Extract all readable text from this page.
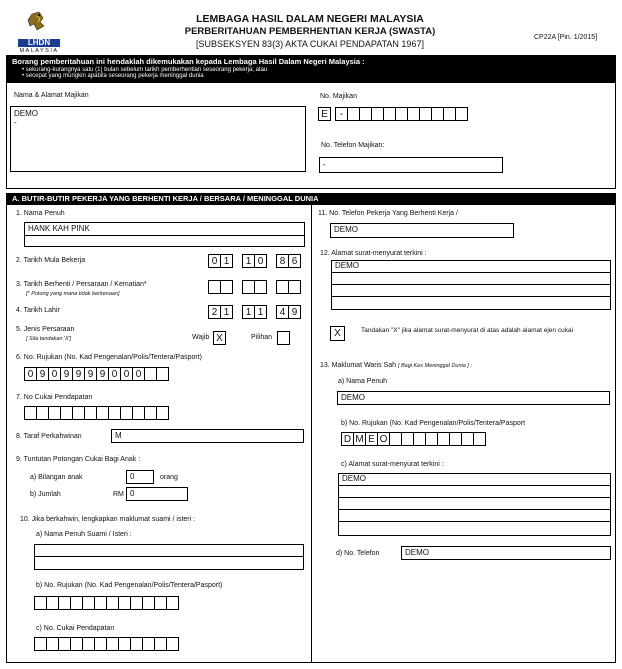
LHDN
MALAYSIA
LEMBAGA HASIL DALAM NEGERI MALAYSIA
PERBERITAHUAN PEMBERHENTIAN KERJA (SWASTA)
[SUBSEKSYEN 83(3) AKTA CUKAI PENDAPATAN 1967]
CP22A [Pin. 1/2015]
Borang pemberitahuan ini hendaklah dikemukakan kepada Lembaga Hasil Dalam Negeri Malaysia :
• sekurang-kurangnya satu (1) bulan sebelum tarikh pemberhentian seseorang pekerja; atau
• secepat yang mungkin apabila seseorang pekerja meninggal dunia
Nama & Alamat Majikan
DEMO
-
No. Majikan
E	-
No. Telefon Majikan:
-
A. BUTIR-BUTIR PEKERJA YANG BERHENTI KERJA / BERSARA / MENINGGAL DUNIA
1. Nama Penuh
HANK KAH PINK
2. Tarikh Mula Bekerja	0 1	1 0	8 6
3. Tarikh Berhenti / Persaraan / Kematian*
[* Potong yang mana tidak berkenaan]
4. Tarikh Lahir	2 1	1 1	4 9
5. Jenis Persaraan
[ Sila tandakan 'X']	Wajib X	Pilihan
6. No. Rujukan (No. Kad Pengenalan/Polis/Tentera/Pasport)
0 9 0 9 9 9 9 0 0 0
7. No Cukai Pendapatan
8. Taraf Perkahwinan	M
9. Tuntutan Potongan Cukai Bagi Anak :
a) Bilangan anak	0	orang
b) Jumlah	RM 0
10. Jika berkahwin, lengkapkan maklumat suami / isteri :
a) Nama Penuh Suami / Isteri :
b) No. Rujukan (No. Kad Pengenalan/Polis/Tentera/Pasport)
c) No. Cukai Pendapatan
11. No. Telefon Pekerja Yang Berhenti Kerja /
DEMO
12. Alamat surat-menyurat terkini :
DEMO
X	Tandakan "X" jika alamat surat-menyurat di atas adalah alamat ejen cukai
13. Maklumat Waris Sah [ Bagi Kes Meninggal Dunia ] :
a) Nama Penuh
DEMO
b) No. Rujukan (No. Kad Pengenalan/Polis/Tentera/Pasport
D M E O
c) Alamat surat-menyurat terkini :
DEMO
d) No. Telefon	DEMO
